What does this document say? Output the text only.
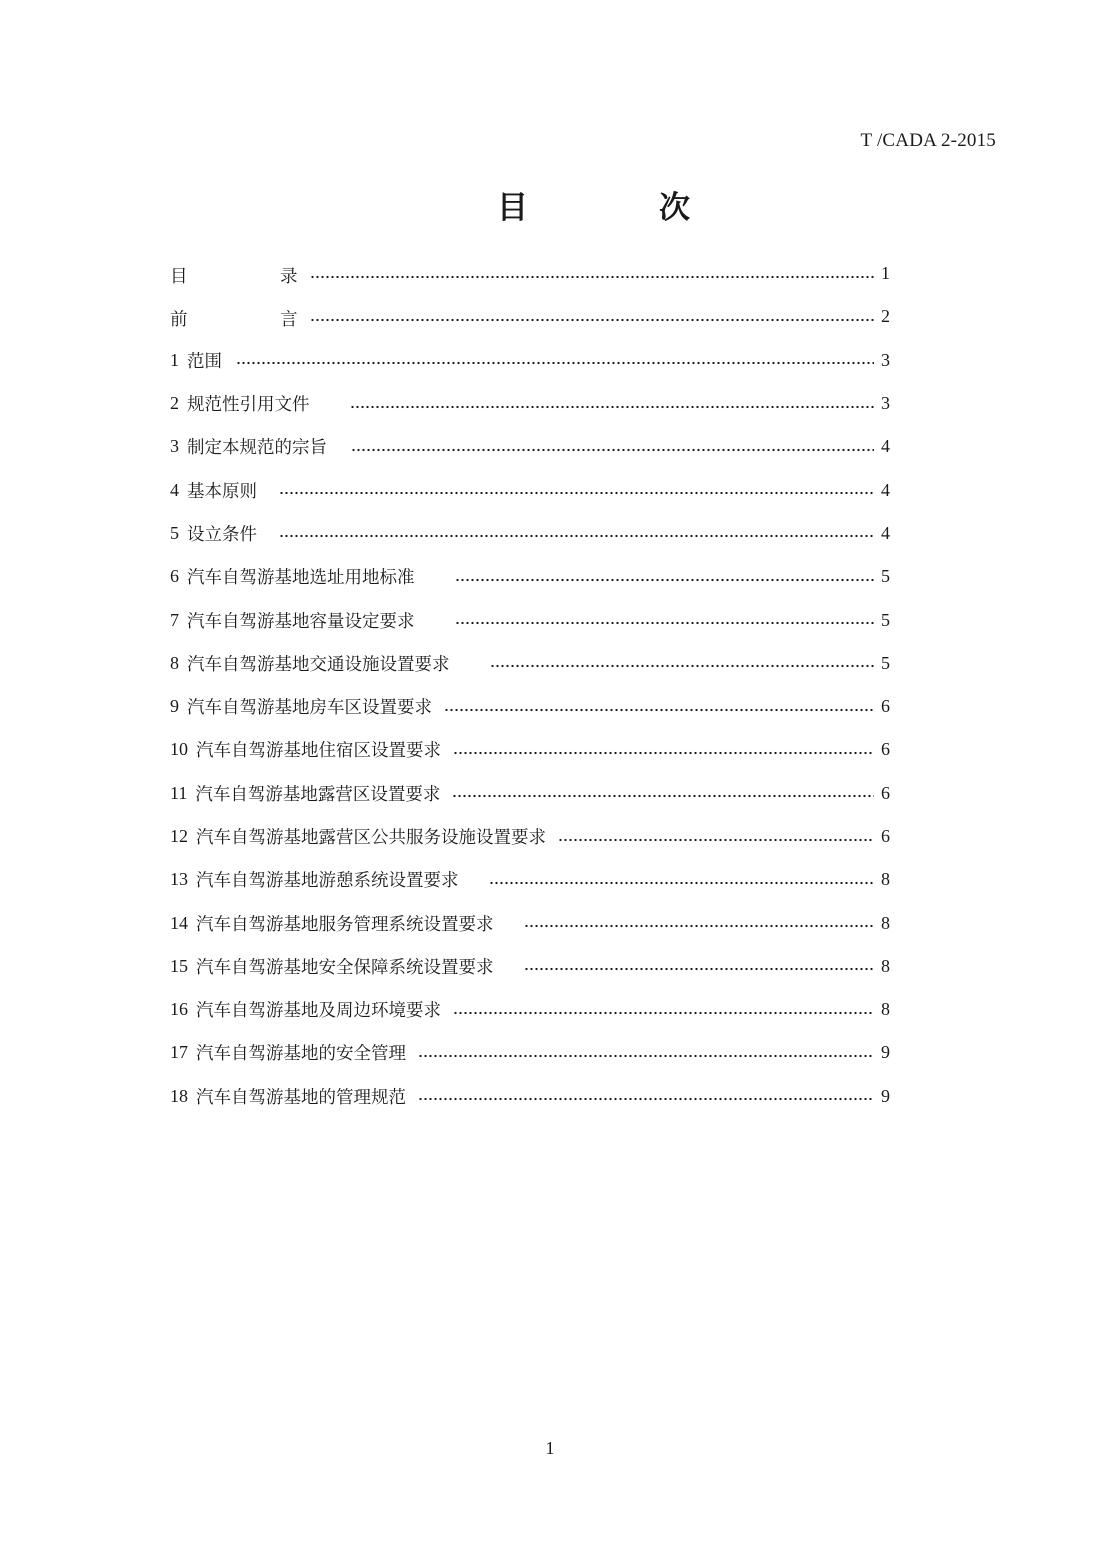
T /CADA 2-2015
目	次
目	录	1
前	言	2
1 范围	3
2 规范性引用文件	3
3 制定本规范的宗旨	4
4 基本原则	4
5 设立条件	4
6 汽车自驾游基地选址用地标准	5
7 汽车自驾游基地容量设定要求	5
8 汽车自驾游基地交通设施设置要求	5
9 汽车自驾游基地房车区设置要求	6
10 汽车自驾游基地住宿区设置要求	6
11 汽车自驾游基地露营区设置要求	6
12 汽车自驾游基地露营区公共服务设施设置要求	6
13 汽车自驾游基地游憩系统设置要求	8
14 汽车自驾游基地服务管理系统设置要求	8
15 汽车自驾游基地安全保障系统设置要求	8
16 汽车自驾游基地及周边环境要求	8
17 汽车自驾游基地的安全管理	9
18 汽车自驾游基地的管理规范	9
1
